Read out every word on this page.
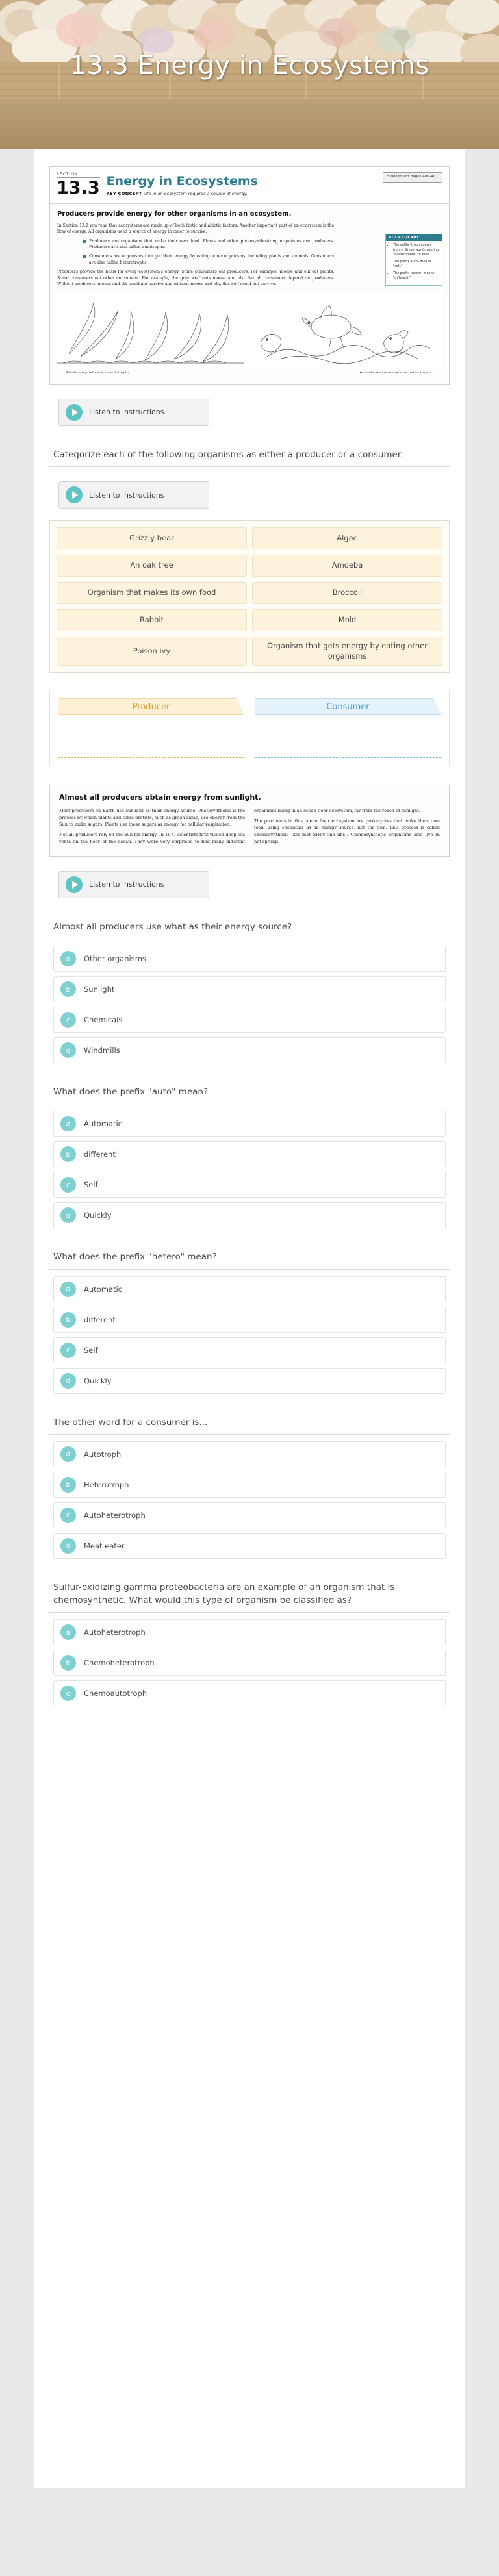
13.3 Energy in Ecosystems
SECTION
13.3 Energy in Ecosystems
KEY CONCEPT Life in an ecosystem requires a source of energy.
Student text pages 406–407
Producers provide energy for other organisms in an ecosystem.
VOCABULARY
• The suffix -troph comes from a Greek word meaning "nourishment" or food.
• The prefix auto- means "self."
• The prefix hetero- means "different."

In Section 13.2 you read that ecosystems are made up of both biotic and abiotic factors. Another important part of an ecosystem is the flow of energy. All organisms need a source of energy in order to survive.

Producers are organisms that make their own food. Plants and other photosynthesizing organisms are producers. Producers are also called autotrophs.
Consumers are organisms that get their energy by eating other organisms, including plants and animals. Consumers are also called heterotrophs.

Producers provide the basis for every ecosystem's energy. Some consumers eat producers. For example, moose and elk eat plants. Some consumers eat other consumers. For example, the grey wolf eats moose and elk. But all consumers depend on producers. Without producers, moose and elk could not survive and without moose and elk, the wolf could not survive.

Plants are producers, or autotrophs.	Animals are consumers, or heterotrophs.
Listen to instructions
Categorize each of the following organisms as either a producer or a consumer.
Listen to instructions
Grizzly bear	Algae
An oak tree	Amoeba
Organism that makes its own food	Broccoli
Rabbit	Mold
Poison ivy
Organism that gets energy by eating other organisms
Producer	Consumer
Almost all producers obtain energy from sunlight.

Most producers on Earth use sunlight as their energy source. Photosynthesis is the process by which plants and some protists, such as green algae, use energy from the Sun to make sugars. Plants use these sugars as energy for cellular respiration.

Not all producers rely on the Sun for energy. In 1977 scientists first visited deep-sea vents on the floor of the ocean. They were very surprised to find many different organisms living in an ocean floor ecosystem, far from the reach of sunlight.

The producers in this ocean floor ecosystem are prokaryotes that make their own food, using chemicals as an energy source, not the Sun. This process is called chemosynthesis (kee-moh-SIHN-thih-sihs). Chemosynthetic organisms also live in hot springs.

Listen to instructions
Almost all producers use what as their energy source?
a	Other organisms
b	Sunlight
c	Chemicals
d	Windmills
What does the prefix "auto" mean?
a	Automatic
b	different
c	Self
d	Quickly
What does the prefix "hetero" mean?
a	Automatic
b	different
c	Self
d	Quickly
The other word for a consumer is...
a	Autotroph
b	Heterotroph
c	Autoheterotroph
d	Meat eater
Sulfur-oxidizing gamma proteobacteria are an example of an organism that is chemosynthetic. What would this type of organism be classified as?
a	Autoheterotroph
b	Chemoheterotroph
c	Chemoautotroph
